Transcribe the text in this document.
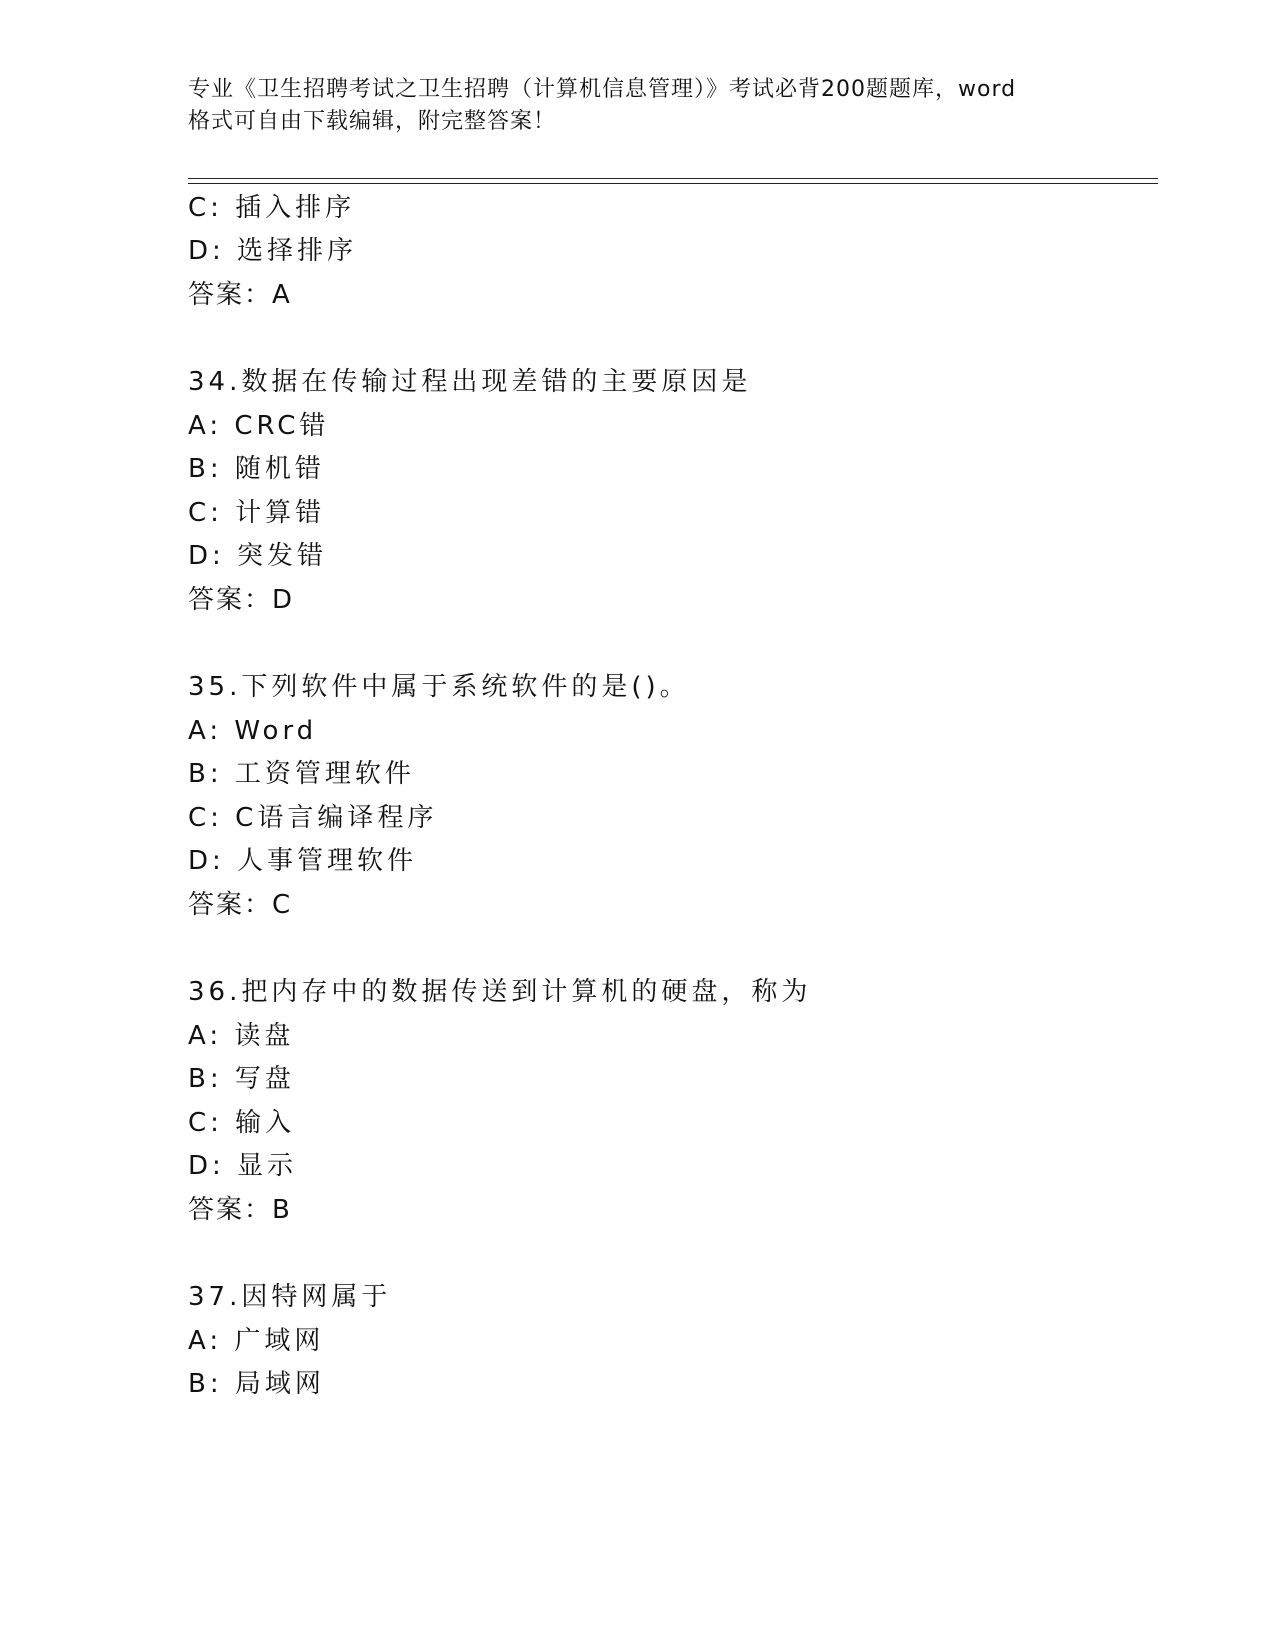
专业《卫生招聘考试之卫生招聘（计算机信息管理）》考试必背200题题库，word
格式可自由下载编辑，附完整答案！
C: 插入排序
D: 选择排序
答案：A
34.数据在传输过程出现差错的主要原因是
A: CRC错
B: 随机错
C: 计算错
D: 突发错
答案：D
35.下列软件中属于系统软件的是()。
A: Word
B: 工资管理软件
C: C语言编译程序
D: 人事管理软件
答案：C
36.把内存中的数据传送到计算机的硬盘，称为
A: 读盘
B: 写盘
C: 输入
D: 显示
答案：B
37.因特网属于
A: 广域网
B: 局域网
